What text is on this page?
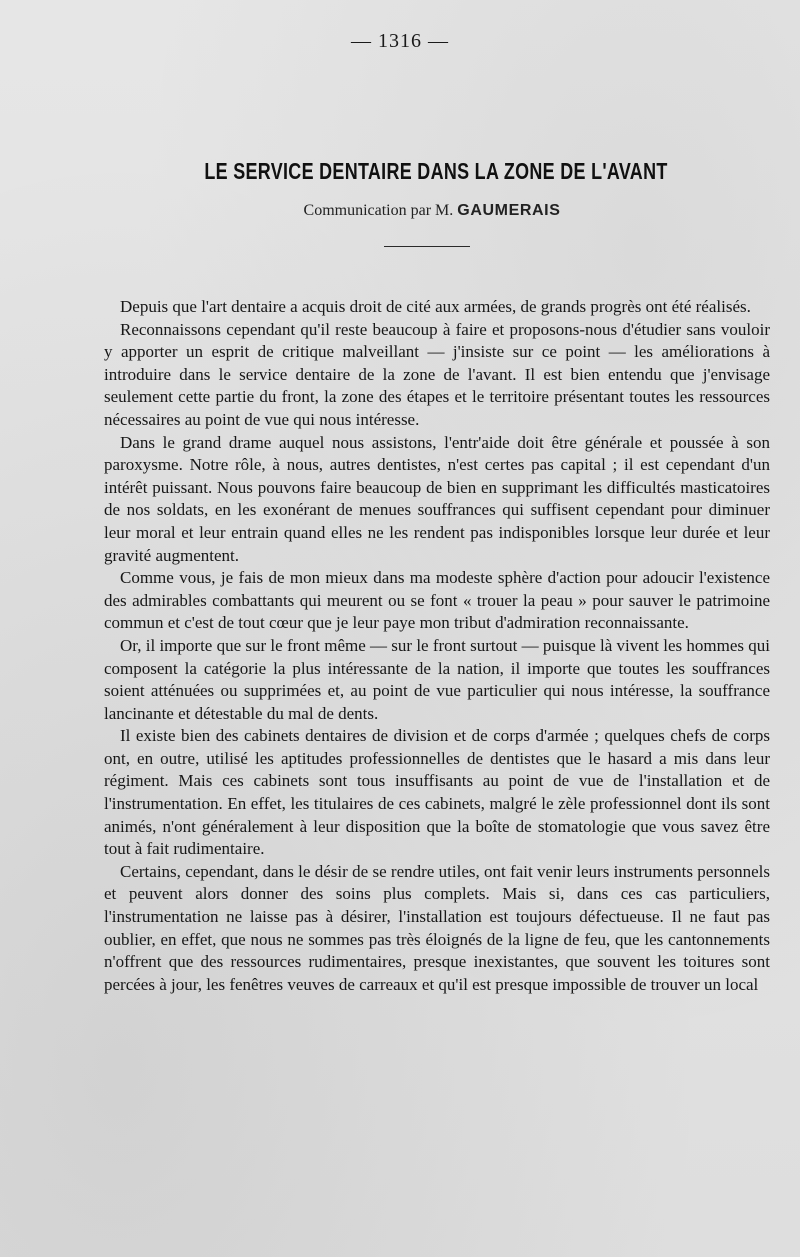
— 1316 —
LE SERVICE DENTAIRE DANS LA ZONE DE L'AVANT
Communication par M. GAUMERAIS

Depuis que l'art dentaire a acquis droit de cité aux armées, de grands progrès ont été réalisés.

Reconnaissons cependant qu'il reste beaucoup à faire et proposons-nous d'étudier sans vouloir y apporter un esprit de critique malveillant — j'insiste sur ce point — les améliorations à introduire dans le service dentaire de la zone de l'avant. Il est bien entendu que j'envisage seulement cette partie du front, la zone des étapes et le territoire présentant toutes les ressources nécessaires au point de vue qui nous intéresse.

Dans le grand drame auquel nous assistons, l'entr'aide doit être générale et poussée à son paroxysme. Notre rôle, à nous, autres dentistes, n'est certes pas capital ; il est cependant d'un intérêt puissant. Nous pouvons faire beaucoup de bien en supprimant les difficultés masticatoires de nos soldats, en les exonérant de menues souffrances qui suffisent cependant pour diminuer leur moral et leur entrain quand elles ne les rendent pas indisponibles lorsque leur durée et leur gravité augmentent.

Comme vous, je fais de mon mieux dans ma modeste sphère d'action pour adoucir l'existence des admirables combattants qui meurent ou se font « trouer la peau » pour sauver le patrimoine commun et c'est de tout cœur que je leur paye mon tribut d'admiration reconnaissante.

Or, il importe que sur le front même — sur le front surtout — puisque là vivent les hommes qui composent la catégorie la plus intéressante de la nation, il importe que toutes les souffrances soient atténuées ou supprimées et, au point de vue particulier qui nous intéresse, la souffrance lancinante et détestable du mal de dents.

Il existe bien des cabinets dentaires de division et de corps d'armée ; quelques chefs de corps ont, en outre, utilisé les aptitudes professionnelles de dentistes que le hasard a mis dans leur régiment. Mais ces cabinets sont tous insuffisants au point de vue de l'installation et de l'instrumentation. En effet, les titulaires de ces cabinets, malgré le zèle professionnel dont ils sont animés, n'ont généralement à leur disposition que la boîte de stomatologie que vous savez être tout à fait rudimentaire.

Certains, cependant, dans le désir de se rendre utiles, ont fait venir leurs instruments personnels et peuvent alors donner des soins plus complets. Mais si, dans ces cas particuliers, l'instrumentation ne laisse pas à désirer, l'installation est toujours défectueuse. Il ne faut pas oublier, en effet, que nous ne sommes pas très éloignés de la ligne de feu, que les cantonnements n'offrent que des ressources rudimentaires, presque inexistantes, que souvent les toitures sont percées à jour, les fenêtres veuves de carreaux et qu'il est presque impossible de trouver un local
